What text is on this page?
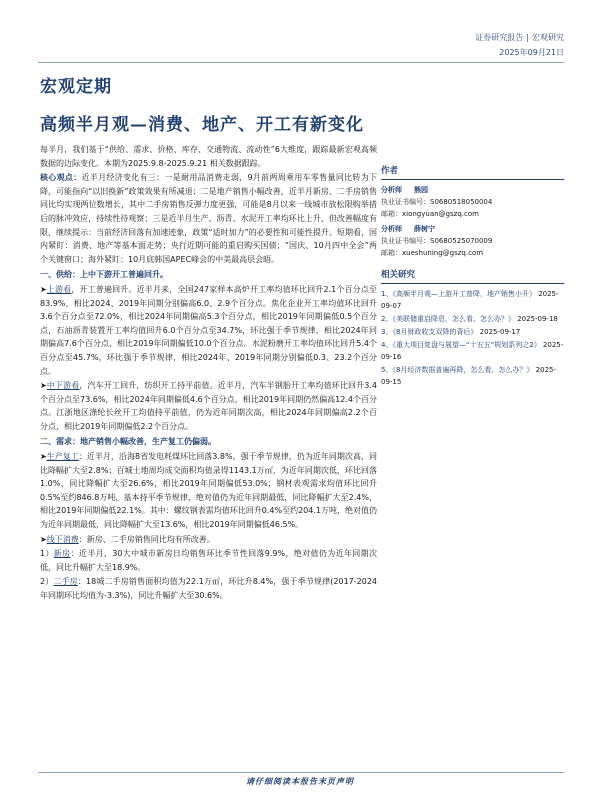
证券研究报告 | 宏观研究
2025年09月21日
宏观定期
高频半月观—消费、地产、开工有新变化

每半月，我们基于“供给、需求、价格、库存、交通物流、流动性”6大维度，跟踪最新宏观高频数据的边际变化。本期为2025.9.8-2025.9.21 相关数据跟踪。

核心观点：近半月经济变化有三：一是耐用品消费走弱，9月前两周乘用车零售量同比转为下降，可能指向“以旧换新”政策效果有所减退；二是地产销售小幅改善，近半月新房、二手房销售同比均实现两位数增长，其中二手房销售反弹力度更强，可能是8月以来一线城市放松限购举措后的脉冲效应，持续性待观察；三是近半月生产、沥青、水泥开工率均环比上升，但改善幅度有限，继续提示：当前经济回落有加速迹象，政策“适时加力”的必要性和可能性提升。短期看，国内紧盯：消费、地产等基本面走势；央行近期可能的重启购买国债；“国庆、10月四中全会”两个关键窗口；海外紧盯：10月底韩国APEC峰会的中美最高层会晤。

一、供给：上中下游开工普遍回升。

➤上游看，开工普遍回升。近半月来，全国247家样本高炉开工率均值环比回升2.1个百分点至83.9%，相比2024、2019年同期分别偏高6.0、2.9个百分点。焦化企业开工率均值环比回升3.6个百分点至72.0%，相比2024年同期偏高5.3个百分点，相比2019年同期偏低0.5个百分点，石油沥青装置开工率均值回升6.0个百分点至34.7%，环比强于季节规律，相比2024年同期偏高7.6个百分点，相比2019年同期偏低10.0个百分点。水泥粉磨开工率均值环比回升5.4个百分点至45.7%，环比强于季节规律，相比2024年、2019年同期分别偏低0.3、23.2个百分点。

➤中下游看，汽车开工回升，纺织开工持平前值。近半月，汽车半钢胎开工率均值环比回升3.4个百分点至73.6%，相比2024年同期偏低4.6个百分点、相比2019年同期仍然偏高12.4个百分点。江浙地区涤纶长丝开工均值持平前值，仍为近年同期次高，相比2024年同期偏高2.2个百分点，相比2019年同期偏低2.2个百分点。

二、需求：地产销售小幅改善，生产复工仍偏弱。

➤生产复工：近半月，沿海8省发电耗煤环比回落3.8%，强于季节规律，仍为近年同期次高，同比降幅扩大至2.8%；百城土地周均成交面积均值录得1143.1万㎡，为近年同期次低，环比回落1.0%，同比降幅扩大至26.6%，相比2019年同期偏低53.0%；钢材表观需求均值环比回升0.5%至约846.8万吨，基本持平季节规律，绝对值仍为近年同期最低，同比降幅扩大至2.4%，相比2019年同期偏低22.1%。其中：螺纹钢表需均值环比回升0.4%至约204.1万吨，绝对值仍为近年同期最低，同比降幅扩大至13.6%，相比2019年同期偏低46.5%。

➤线下消费：新房、二手房销售同比均有所改善。

1）新房：近半月，30大中城市新房日均销售环比季节性回落9.9%，绝对值仍为近年同期次低，同比升幅扩大至18.9%。

2）二手房：18城二手房销售面积均值为22.1万㎡，环比升8.4%，强于季节规律(2017-2024年同期环比均值为-3.3%)，同比升幅扩大至30.6%。

作者
分析师 熊园
执业证书编号：S0680518050004
邮箱：xiongyuan@gszq.com
分析师 薛树宁
执业证书编号：S0680525070009
邮箱：xueshuning@gszq.com
相关研究
1、《高频半月观—上游开工普降，地产销售小升》 2025-09-07
2、《美联储重启降息，怎么看、怎么办？》 2025-09-18
3、《8月财政收支双降的背后》 2025-09-17
4、《重大项目复盘与展望—“十五五”规划系列之2》 2025-09-16
5、《8月经济数据普遍再降，怎么看、怎么办？》 2025-09-15
请仔细阅读本报告末页声明
